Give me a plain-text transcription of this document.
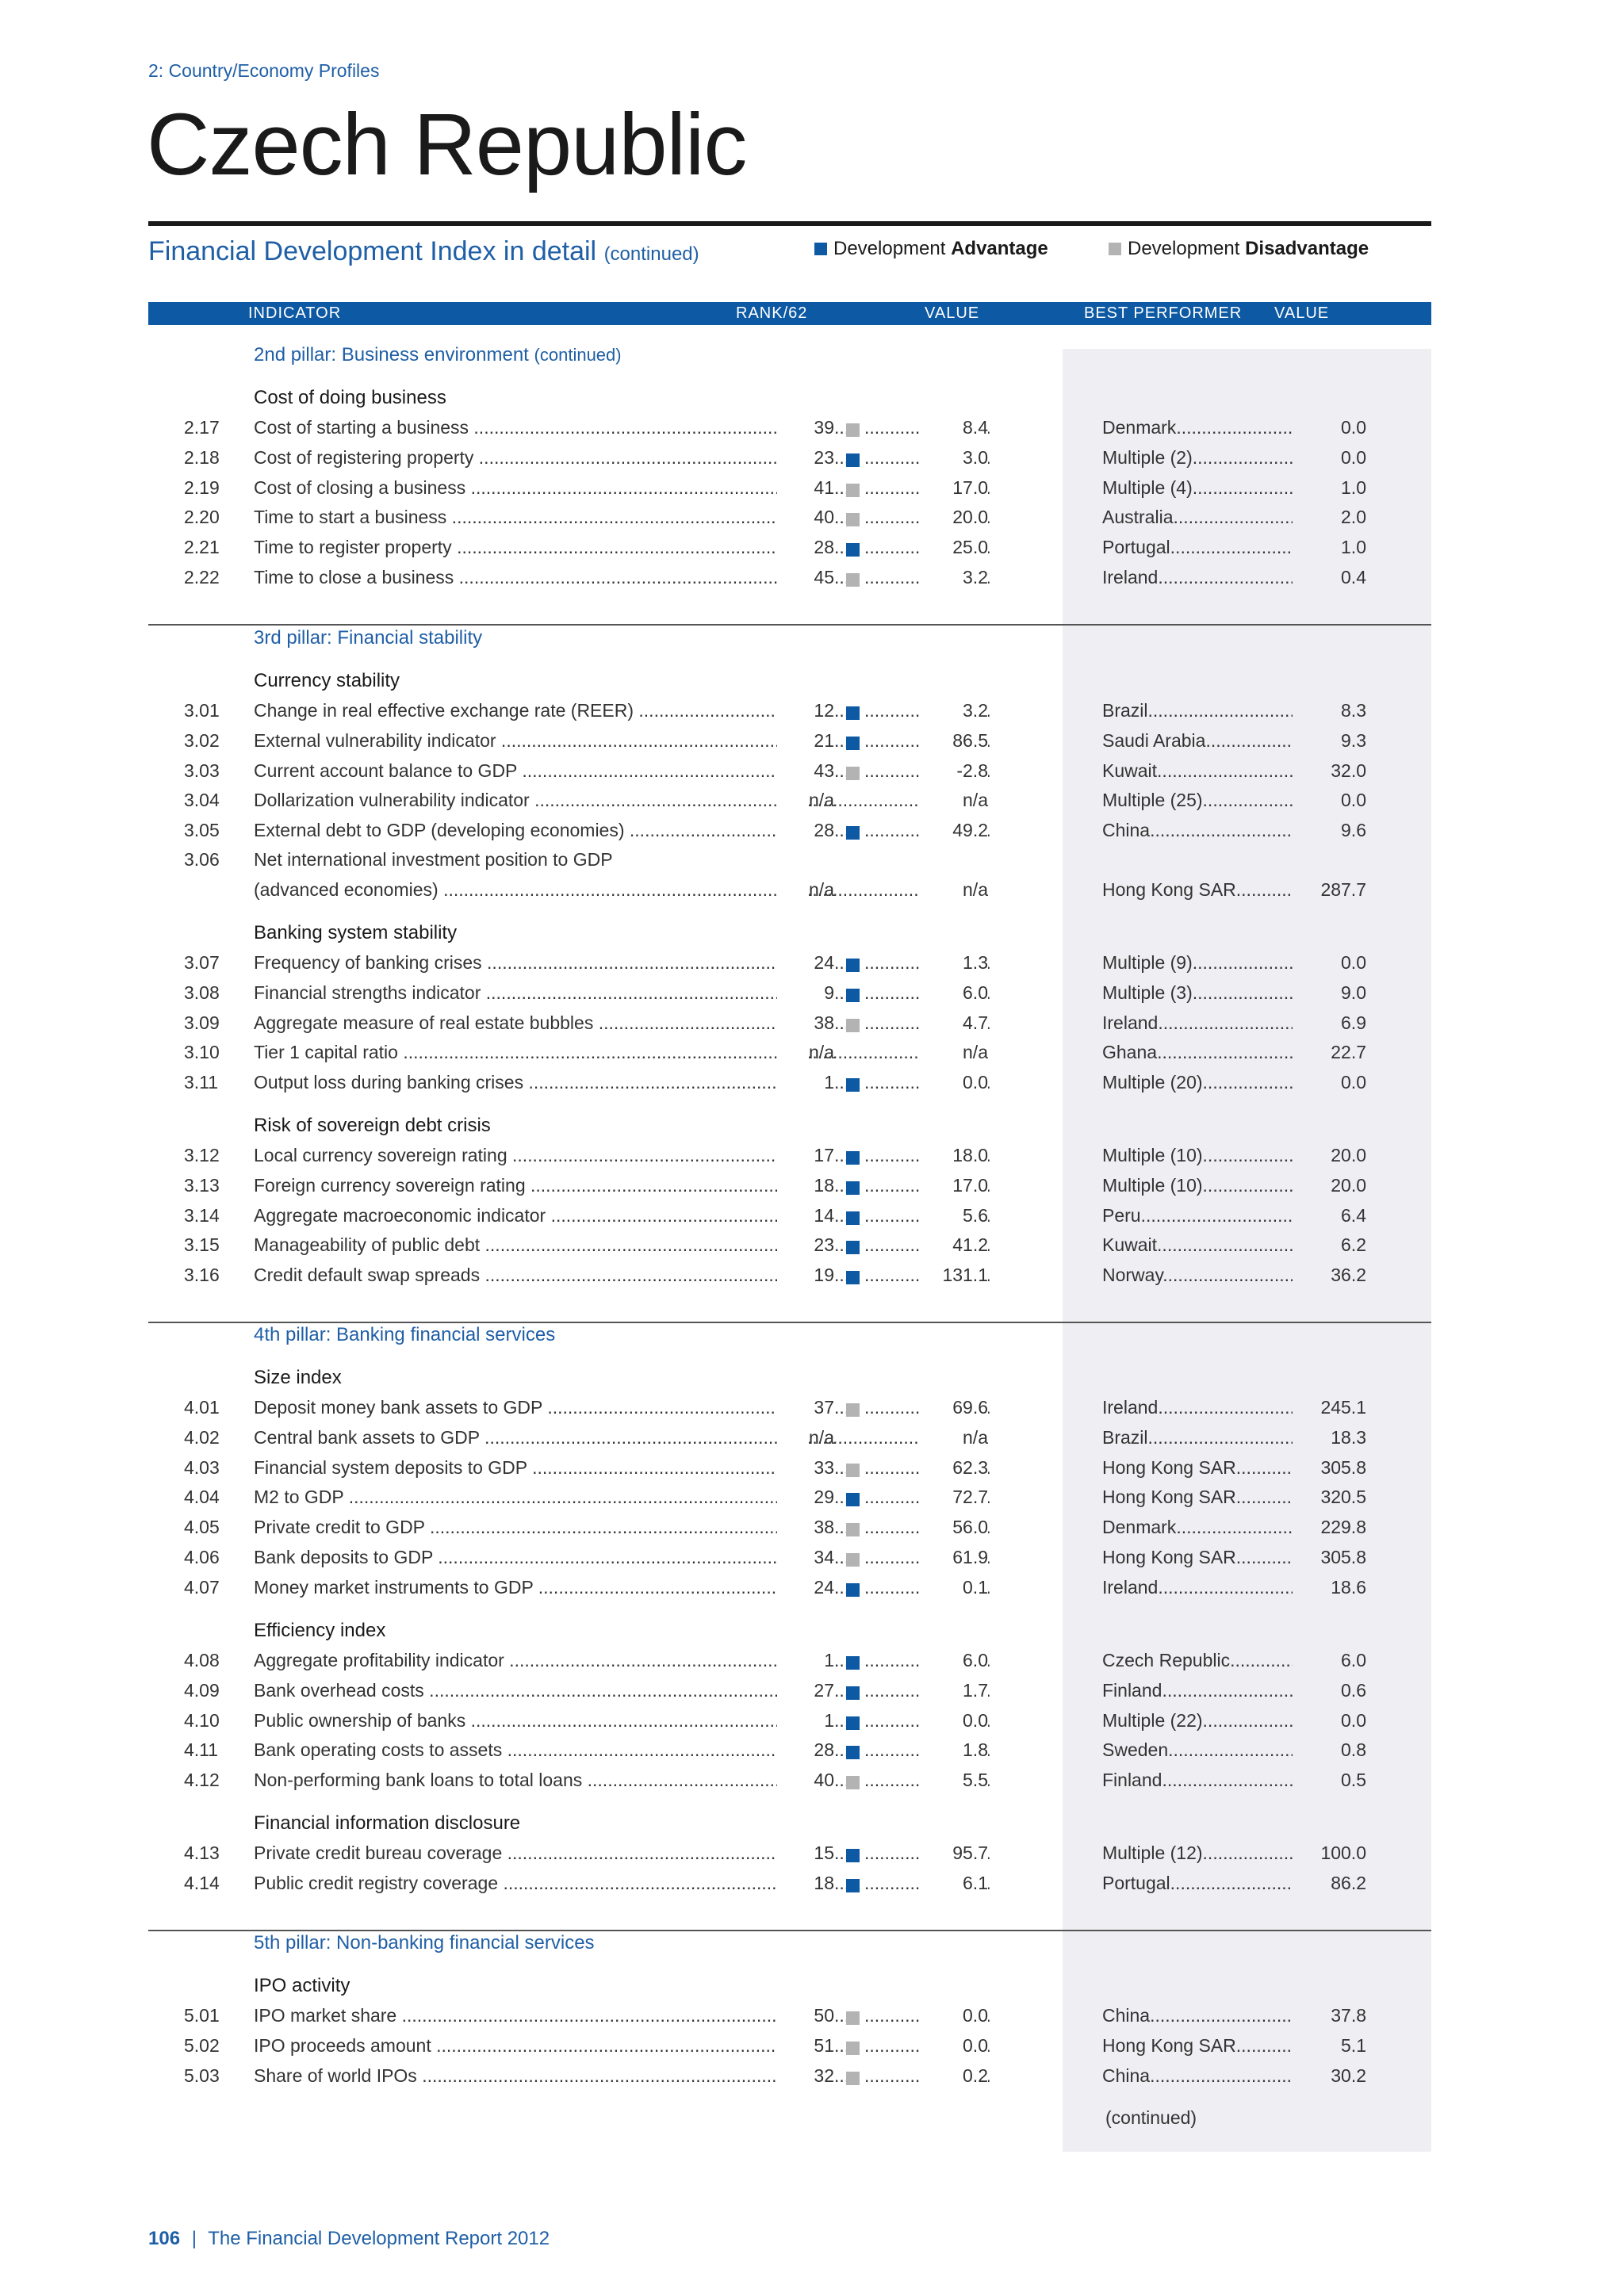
2: Country/Economy Profiles
Czech Republic
Financial Development Index in detail (continued)	Development Advantage	Development Disadvantage
INDICATOR	RANK/62	VALUE	BEST PERFORMER VALUE
2nd pillar: Business environment (continued)
Cost of doing business
3rd pillar: Financial stability
Currency stability
3.06 Net international investment position to GDP
(advanced economies) .....	n/a .....	n/a	Hong Kong SAR .....	287.7
Banking system stability
Risk of sovereign debt crisis
4th pillar: Banking financial services
Size index
Efficiency index
Financial information disclosure
5th pillar: Non-banking financial services
IPO activity
(continued)
106 | The Financial Development Report 2012
2.17 Cost of starting a business .....	39 ........ .....	8.4	Denmark .....	0.0
2.18 Cost of registering property .....	23 ........ .....	3.0	Multiple (2) .....	0.0
2.19 Cost of closing a business .....	41 ........ .....	17.0	Multiple (4) .....	1.0
2.20 Time to start a business .....	40 ........ .....	20.0	Australia .....	2.0
2.21 Time to register property .....	28 ........ .....	25.0	Portugal .....	1.0
2.22 Time to close a business .....	45 ........ .....	3.2	Ireland .....	0.4
3.01 Change in real effective exchange rate (REER) .....	12 ........ .....	3.2	Brazil .....	8.3
3.02 External vulnerability indicator .....	21 ........ .....	86.5	Saudi Arabia .....	9.3
3.03 Current account balance to GDP .....	43 ........ .....	-2.8	Kuwait .....	32.0
3.04 Dollarization vulnerability indicator .....	n/a .....	n/a	Multiple (25) .....	0.0
3.05 External debt to GDP (developing economies) .....	28 ........ .....	49.2	China .....	9.6
3.07 Frequency of banking crises .....	24 ........ .....	1.3	Multiple (9) .....	0.0
3.08 Financial strengths indicator .....	9 ........ .....	6.0	Multiple (3) .....	9.0
3.09 Aggregate measure of real estate bubbles .....	38 ........ .....	4.7	Ireland .....	6.9
3.10 Tier 1 capital ratio .....	n/a .....	n/a	Ghana .....	22.7
3.11 Output loss during banking crises .....	1 ........ .....	0.0	Multiple (20) .....	0.0
3.12 Local currency sovereign rating .....	17 ........ .....	18.0	Multiple (10) .....	20.0
3.13 Foreign currency sovereign rating .....	18 ........ .....	17.0	Multiple (10) .....	20.0
3.14 Aggregate macroeconomic indicator .....	14 ........ .....	5.6	Peru .....	6.4
3.15 Manageability of public debt .....	23 ........ .....	41.2	Kuwait .....	6.2
3.16 Credit default swap spreads .....	19 ........ .....	131.1	Norway .....	36.2
4.01 Deposit money bank assets to GDP .....	37 ........ .....	69.6	Ireland .....	245.1
4.02 Central bank assets to GDP .....	n/a .....	n/a	Brazil .....	18.3
4.03 Financial system deposits to GDP .....	33 ........ .....	62.3	Hong Kong SAR .....	305.8
4.04 M2 to GDP .....	29 ........ .....	72.7	Hong Kong SAR .....	320.5
4.05 Private credit to GDP .....	38 ........ .....	56.0	Denmark .....	229.8
4.06 Bank deposits to GDP .....	34 ........ .....	61.9	Hong Kong SAR .....	305.8
4.07 Money market instruments to GDP .....	24 ........ .....	0.1	Ireland .....	18.6
4.08 Aggregate profitability indicator .....	1 ........ .....	6.0	Czech Republic .....	6.0
4.09 Bank overhead costs .....	27 ........ .....	1.7	Finland .....	0.6
4.10 Public ownership of banks .....	1 ........ .....	0.0	Multiple (22) .....	0.0
4.11 Bank operating costs to assets .....	28 ........ .....	1.8	Sweden .....	0.8
4.12 Non-performing bank loans to total loans .....	40 ........ .....	5.5	Finland .....	0.5
4.13 Private credit bureau coverage .....	15 ........ .....	95.7	Multiple (12) .....	100.0
4.14 Public credit registry coverage .....	18 ........ .....	6.1	Portugal .....	86.2
5.01 IPO market share .....	50 ........ .....	0.0	China .....	37.8
5.02 IPO proceeds amount .....	51 ........ .....	0.0	Hong Kong SAR .....	5.1
5.03 Share of world IPOs .....	32 ........ .....	0.2	China .....	30.2
